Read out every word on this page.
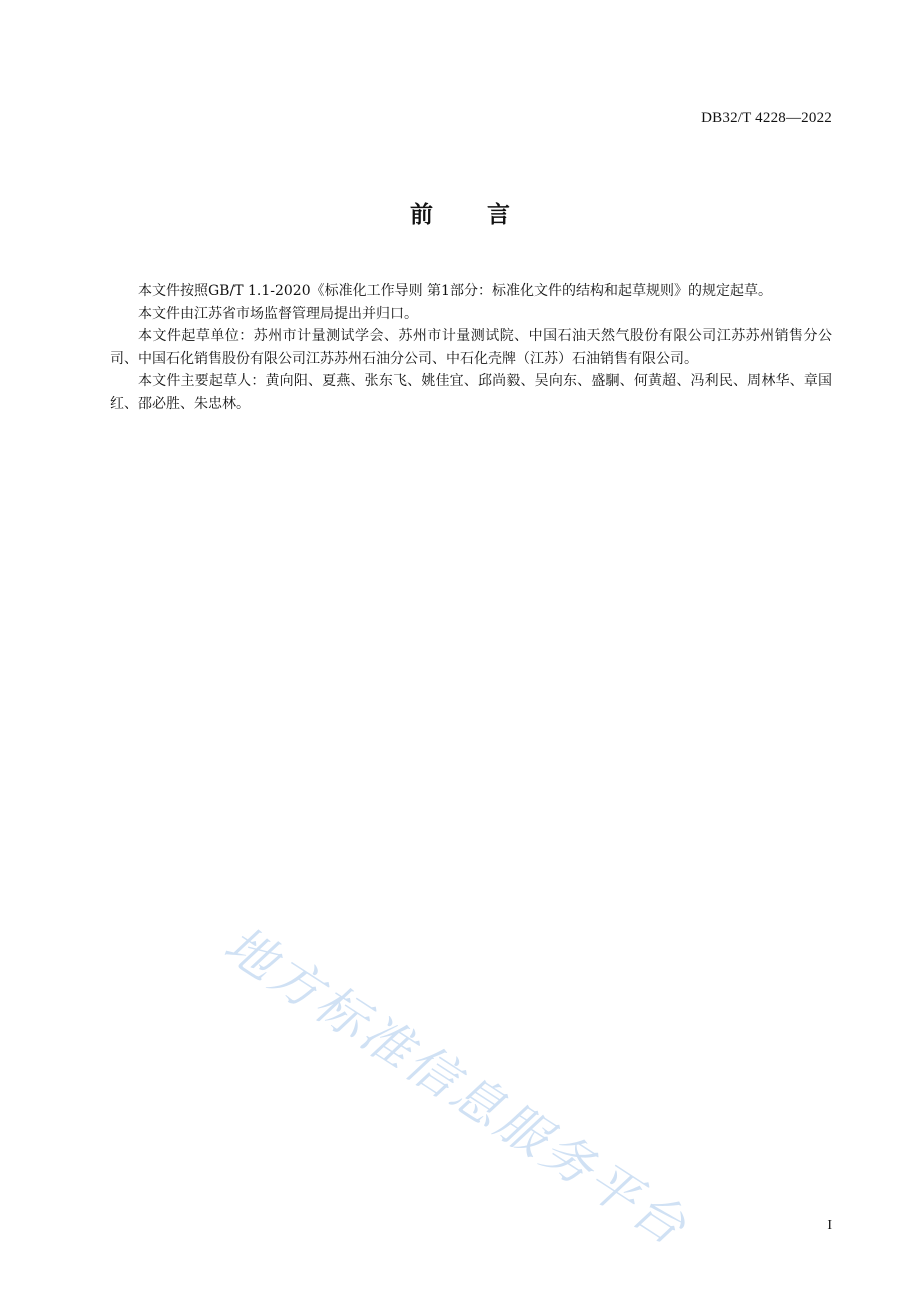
DB32/T 4228—2022
前言

本文件按照GB/T 1.1-2020《标准化工作导则 第1部分：标准化文件的结构和起草规则》的规定起草。

本文件由江苏省市场监督管理局提出并归口。

本文件起草单位：苏州市计量测试学会、苏州市计量测试院、中国石油天然气股份有限公司江苏苏州销售分公司、中国石化销售股份有限公司江苏苏州石油分公司、中石化壳牌（江苏）石油销售有限公司。

本文件主要起草人：黄向阳、夏燕、张东飞、姚佳宜、邱尚毅、吴向东、盛駉、何黄超、冯利民、周林华、章国红、邵必胜、朱忠林。

地方标准信息服务平台	I
